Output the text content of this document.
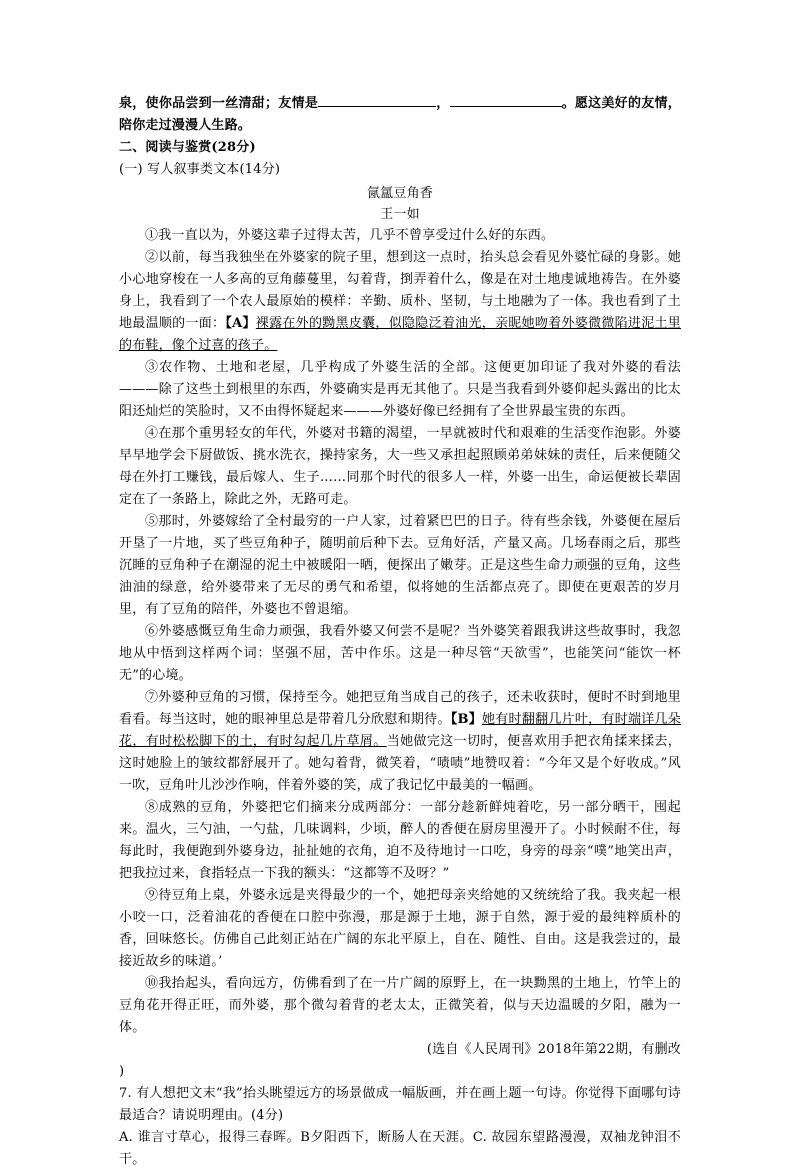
泉，使你品尝到一丝清甜；友情是	，	。愿这美好的友情，陪你走过漫漫人生路。

二、阅读与鉴赏(28分)

(一) 写人叙事类文本(14分)

氤氲豆角香

王一如

①我一直以为，外婆这辈子过得太苦，几乎不曾享受过什么好的东西。

②以前，每当我独坐在外婆家的院子里，想到这一点时，抬头总会看见外婆忙碌的身影。她小心地穿梭在一人多高的豆角藤蔓里，勾着背，捯弄着什么，像是在对土地虔诚地祷告。在外婆身上，我看到了一个农人最原始的模样：辛勤、质朴、坚韧，与土地融为了一体。我也看到了土地最温顺的一面：【A】裸露在外的黝黑皮囊，似隐隐泛着油光，亲昵她吻着外婆微微陷进泥土里的布鞋，像个过喜的孩子。

③农作物、土地和老屋，几乎构成了外婆生活的全部。这便更加印证了我对外婆的看法———除了这些土到根里的东西，外婆确实是再无其他了。只是当我看到外婆仰起头露出的比太阳还灿烂的笑脸时，又不由得怀疑起来———外婆好像已经拥有了全世界最宝贵的东西。

④在那个重男轻女的年代，外婆对书籍的渴望，一早就被时代和艰难的生活变作泡影。外婆早早地学会下厨做饭、挑水洗衣，操持家务，大一些又承担起照顾弟弟妹妹的责任，后来便随父母在外打工赚钱，最后嫁人、生子……同那个时代的很多人一样，外婆一出生，命运便被长辈固定在了一条路上，除此之外，无路可走。

⑤那时，外婆嫁给了全村最穷的一户人家，过着紧巴巴的日子。待有些余钱，外婆便在屋后开垦了一片地，买了些豆角种子，随明前后种下去。豆角好活，产量又高。几场春雨之后，那些沉睡的豆角种子在潮湿的泥土中被暖阳一晒，便探出了嫩芽。正是这些生命力顽强的豆角，这些油油的绿意，给外婆带来了无尽的勇气和希望，似将她的生活都点亮了。即使在更艰苦的岁月里，有了豆角的陪伴，外婆也不曾退缩。

⑥外婆感慨豆角生命力顽强，我看外婆又何尝不是呢？当外婆笑着跟我讲这些故事时，我忽地从中悟到这样两个词：坚强不屈，苦中作乐。这是一种尽管“天欲雪”，也能笑问“能饮一杯无”的心境。

⑦外婆种豆角的习惯，保持至今。她把豆角当成自己的孩子，还未收获时，便时不时到地里看看。每当这时，她的眼神里总是带着几分欣慰和期待。【B】她有时翻翻几片叶，有时端详几朵花，有时松松脚下的土，有时勾起几片草屑。当她做完这一切时，便喜欢用手把衣角揉来揉去，这时她脸上的皱纹都舒展开了。她勾着背，微笑着，“啧啧”地赞叹着：“今年又是个好收成。”风一吹，豆角叶儿沙沙作响，伴着外婆的笑，成了我记忆中最美的一幅画。

⑧成熟的豆角，外婆把它们摘来分成两部分：一部分趁新鲜炖着吃，另一部分晒干，囤起来。温火，三勺油，一勺盐，几味调料，少顷，醉人的香便在厨房里漫开了。小时候耐不住，每每此时，我便跑到外婆身边，扯扯她的衣角，迫不及待地讨一口吃，身旁的母亲“噗”地笑出声，把我拉过来，食指轻点一下我的额头：“这都等不及呀？”

⑨待豆角上桌，外婆永远是夹得最少的一个，她把母亲夹给她的又统统给了我。我夹起一根小咬一口，泛着油花的香便在口腔中弥漫，那是源于土地，源于自然，源于爱的最纯粹质朴的香，回味悠长。仿佛自己此刻正站在广阔的东北平原上，自在、随性、自由。这是我尝过的，最接近故乡的味道。’

⑩我抬起头，看向远方，仿佛看到了在一片广阔的原野上，在一块黝黑的土地上，竹竿上的豆角花开得正旺，而外婆，那个微勾着背的老太太，正微笑着，似与天边温暖的夕阳，融为一体。

(选自《人民周刊》2018年第22期，有删改

)

7. 有人想把文末“我”抬头眺望远方的场景做成一幅版画，并在画上题一句诗。你觉得下面哪句诗最适合？请说明理由。(4分)

A. 谁言寸草心，报得三春晖。B夕阳西下，断肠人在天涯。C. 故园东望路漫漫，双袖龙钟泪不干。
